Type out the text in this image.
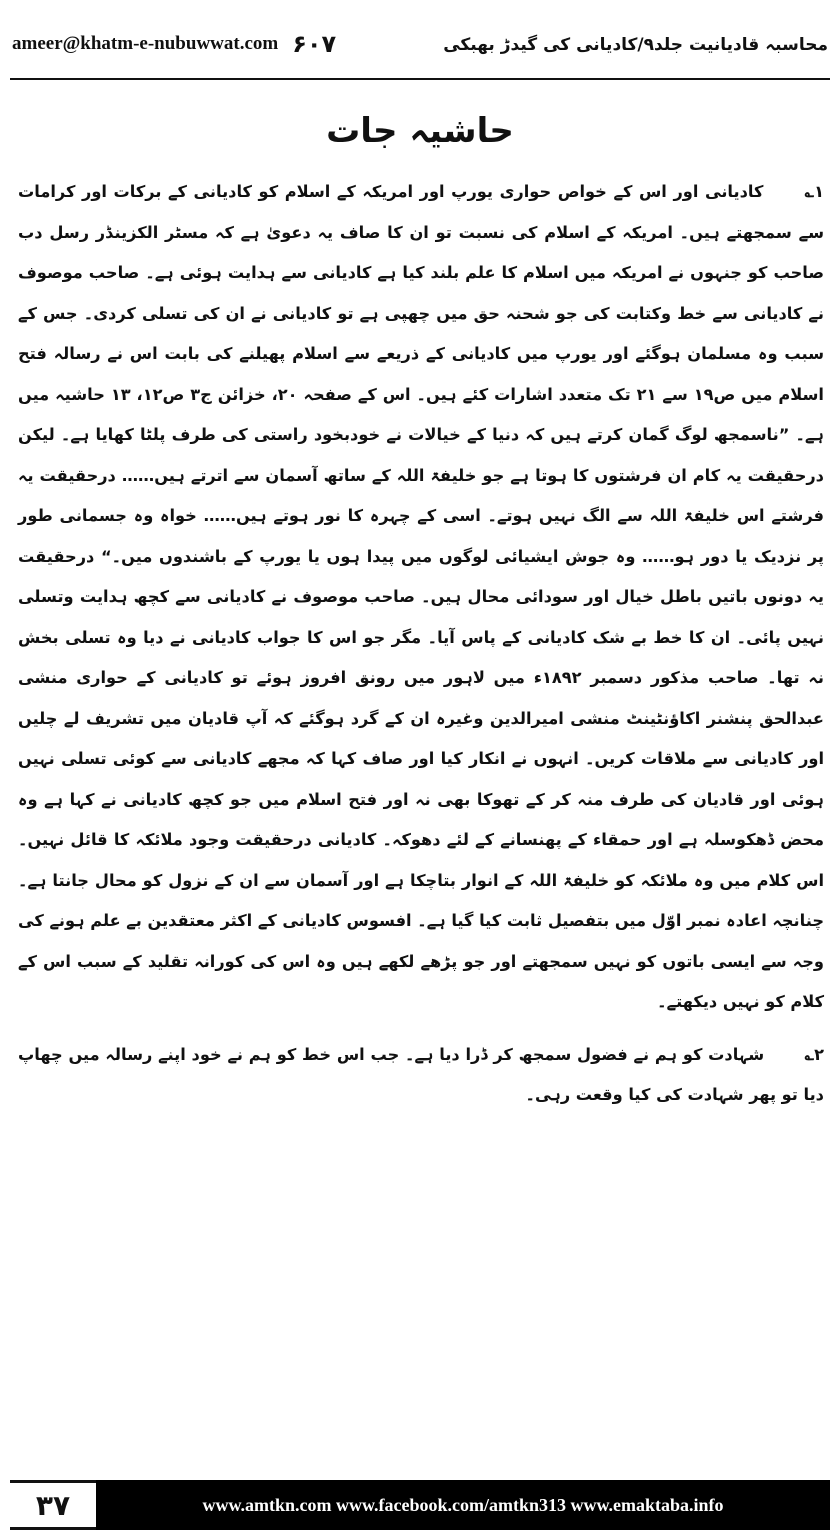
ameer@khatm-e-nubuwwat.com ۶۰۷	محاسبہ قادیانیت جلد۹/کادیانی کی گیدڑ بھبکی
حاشیہ جات

۱؎ کادیانی اور اس کے خواص حواری یورپ اور امریکہ کے اسلام کو کادیانی کے برکات اور کرامات سے سمجھتے ہیں۔ امریکہ کے اسلام کی نسبت تو ان کا صاف یہ دعویٰ ہے کہ مسٹر الکزینڈر رسل دب صاحب کو جنہوں نے امریکہ میں اسلام کا علم بلند کیا ہے کادیانی سے ہدایت ہوئی ہے۔ صاحب موصوف نے کادیانی سے خط وکتابت کی جو شحنہ حق میں چھپی ہے تو کادیانی نے ان کی تسلی کردی۔ جس کے سبب وہ مسلمان ہوگئے اور یورپ میں کادیانی کے ذریعے سے اسلام پھیلنے کی بابت اس نے رسالہ فتح اسلام میں ص۱۹ سے ۲۱ تک متعدد اشارات کئے ہیں۔ اس کے صفحہ ۲۰، خزائن ج۳ ص۱۲، ۱۳ حاشیہ میں ہے۔ ”ناسمجھ لوگ گمان کرتے ہیں کہ دنیا کے خیالات نے خودبخود راستی کی طرف پلٹا کھایا ہے۔ لیکن درحقیقت یہ کام ان فرشتوں کا ہوتا ہے جو خلیفۃ اللہ کے ساتھ آسمان سے اترتے ہیں…… درحقیقت یہ فرشتے اس خلیفۃ اللہ سے الگ نہیں ہوتے۔ اسی کے چہرہ کا نور ہوتے ہیں…… خواہ وہ جسمانی طور پر نزدیک یا دور ہو…… وہ جوش ایشیائی لوگوں میں پیدا ہوں یا یورپ کے باشندوں میں۔“ درحقیقت یہ دونوں باتیں باطل خیال اور سودائی محال ہیں۔ صاحب موصوف نے کادیانی سے کچھ ہدایت وتسلی نہیں پائی۔ ان کا خط بے شک کادیانی کے پاس آیا۔ مگر جو اس کا جواب کادیانی نے دیا وہ تسلی بخش نہ تھا۔ صاحب مذکور دسمبر ۱۸۹۲ء میں لاہور میں رونق افروز ہوئے تو کادیانی کے حواری منشی عبدالحق پنشنر اکاؤنٹینٹ منشی امیرالدین وغیرہ ان کے گرد ہوگئے کہ آپ قادیان میں تشریف لے چلیں اور کادیانی سے ملاقات کریں۔ انہوں نے انکار کیا اور صاف کہا کہ مجھے کادیانی سے کوئی تسلی نہیں ہوئی اور قادیان کی طرف منہ کر کے تھوکا بھی نہ اور فتح اسلام میں جو کچھ کادیانی نے کہا ہے وہ محض ڈھکوسلہ ہے اور حمقاء کے پھنسانے کے لئے دھوکہ۔ کادیانی درحقیقت وجود ملائکہ کا قائل نہیں۔ اس کلام میں وہ ملائکہ کو خلیفۃ اللہ کے انوار بتاچکا ہے اور آسمان سے ان کے نزول کو محال جانتا ہے۔ چنانچہ اعادہ نمبر اوّل میں بتفصیل ثابت کیا گیا ہے۔ افسوس کادیانی کے اکثر معتقدین بے علم ہونے کی وجہ سے ایسی باتوں کو نہیں سمجھتے اور جو پڑھے لکھے ہیں وہ اس کی کورانہ تقلید کے سبب اس کے کلام کو نہیں دیکھتے۔

۲؎ شہادت کو ہم نے فضول سمجھ کر ڈرا دیا ہے۔ جب اس خط کو ہم نے خود اپنے رسالہ میں چھاپ دیا تو پھر شہادت کی کیا وقعت رہی۔

۳۷	www.amtkn.com www.facebook.com/amtkn313 www.emaktaba.info
